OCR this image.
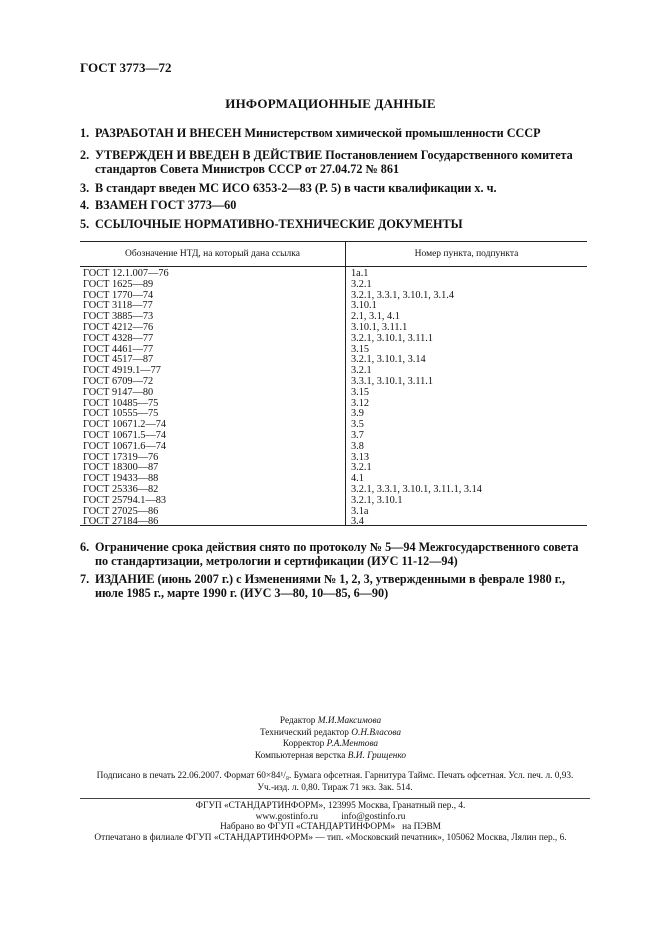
ГОСТ 3773—72
ИНФОРМАЦИОННЫЕ ДАННЫЕ
1. РАЗРАБОТАН И ВНЕСЕН Министерством химической промышленности СССР
2. УТВЕРЖДЕН И ВВЕДЕН В ДЕЙСТВИЕ Постановлением Государственного комитета стандартов Совета Министров СССР от 27.04.72 № 861
3. В стандарт введен МС ИСО 6353-2—83 (Р. 5) в части квалификации х. ч.
4. ВЗАМЕН ГОСТ 3773—60
5. ССЫЛОЧНЫЕ НОРМАТИВНО-ТЕХНИЧЕСКИЕ ДОКУМЕНТЫ
Обозначение НТД, на который дана ссылка	Номер пункта, подпункта
ГОСТ 12.1.007—76	1а.1
ГОСТ 1625—89	3.2.1
ГОСТ 1770—74	3.2.1, 3.3.1, 3.10.1, 3.1.4
ГОСТ 3118—77	3.10.1
ГОСТ 3885—73	2.1, 3.1, 4.1
ГОСТ 4212—76	3.10.1, 3.11.1
ГОСТ 4328—77	3.2.1, 3.10.1, 3.11.1
ГОСТ 4461—77	3.15
ГОСТ 4517—87	3.2.1, 3.10.1, 3.14
ГОСТ 4919.1—77	3.2.1
ГОСТ 6709—72	3.3.1, 3.10.1, 3.11.1
ГОСТ 9147—80	3.15
ГОСТ 10485—75	3.12
ГОСТ 10555—75	3.9
ГОСТ 10671.2—74	3.5
ГОСТ 10671.5—74	3.7
ГОСТ 10671.6—74	3.8
ГОСТ 17319—76	3.13
ГОСТ 18300—87	3.2.1
ГОСТ 19433—88	4.1
ГОСТ 25336—82	3.2.1, 3.3.1, 3.10.1, 3.11.1, 3.14
ГОСТ 25794.1—83	3.2.1, 3.10.1
ГОСТ 27025—86	3.1а
ГОСТ 27184—86	3.4
6. Ограничение срока действия снято по протоколу № 5—94 Межгосударственного совета по стандартизации, метрологии и сертификации (ИУС 11-12—94)
7. ИЗДАНИЕ (июнь 2007 г.) с Изменениями № 1, 2, 3, утвержденными в феврале 1980 г., июле 1985 г., марте 1990 г. (ИУС 3—80, 10—85, 6—90)
Редактор М.И.Максимова
Технический редактор О.Н.Власова
Корректор Р.А.Ментова
Компьютерная верстка В.И. Грищенко
Подписано в печать 22.06.2007. Формат 60×84¹/₈. Бумага офсетная. Гарнитура Таймс. Печать офсетная. Усл. печ. л. 0,93.
Уч.-изд. л. 0,80. Тираж 71 экз. Зак. 514.
ФГУП «СТАНДАРТИНФОРМ», 123995 Москва, Гранатный пер., 4.
www.gostinfo.ru          info@gostinfo.ru
Набрано во ФГУП «СТАНДАРТИНФОРМ»   на ПЭВМ
Отпечатано в филиале ФГУП «СТАНДАРТИНФОРМ» — тип. «Московский печатник», 105062 Москва, Лялин пер., 6.
